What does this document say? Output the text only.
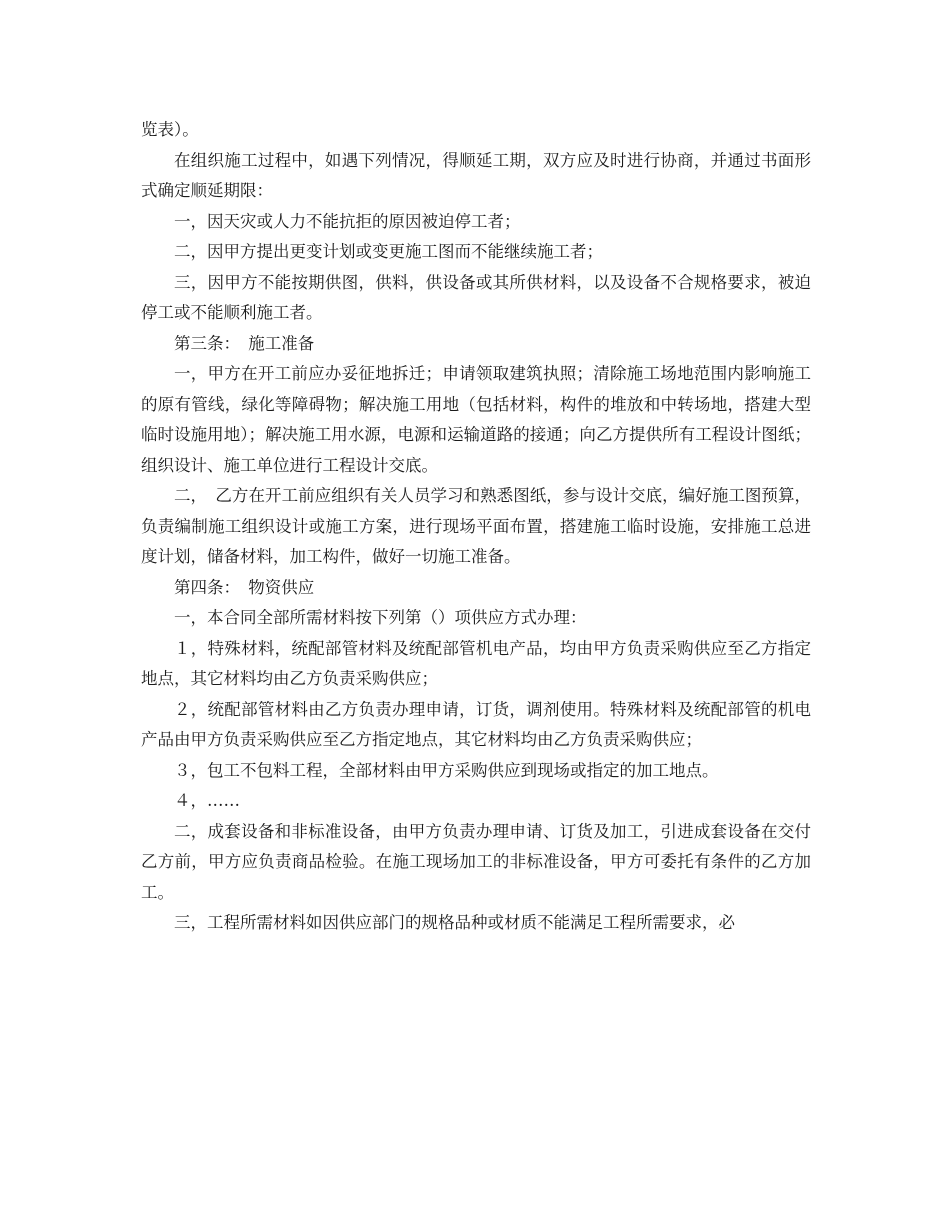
览表）。

在组织施工过程中，如遇下列情况，得顺延工期，双方应及时进行协商，并通过书面形式确定顺延期限：

一，因天灾或人力不能抗拒的原因被迫停工者；

二，因甲方提出更变计划或变更施工图而不能继续施工者；

三，因甲方不能按期供图，供料，供设备或其所供材料，以及设备不合规格要求，被迫停工或不能顺利施工者。

第三条：　施工准备

一，甲方在开工前应办妥征地拆迁；申请领取建筑执照；清除施工场地范围内影响施工的原有管线，绿化等障碍物；解决施工用地（包括材料，构件的堆放和中转场地，搭建大型临时设施用地）；解决施工用水源，电源和运输道路的接通；向乙方提供所有工程设计图纸；组织设计、施工单位进行工程设计交底。

二，　乙方在开工前应组织有关人员学习和熟悉图纸，参与设计交底，编好施工图预算，负责编制施工组织设计或施工方案，进行现场平面布置，搭建施工临时设施，安排施工总进度计划，储备材料，加工构件，做好一切施工准备。

第四条：　物资供应

一，本合同全部所需材料按下列第（）项供应方式办理：

１，特殊材料，统配部管材料及统配部管机电产品，均由甲方负责采购供应至乙方指定地点，其它材料均由乙方负责采购供应；

２，统配部管材料由乙方负责办理申请，订货，调剂使用。特殊材料及统配部管的机电产品由甲方负责采购供应至乙方指定地点，其它材料均由乙方负责采购供应；

３，包工不包料工程，全部材料由甲方采购供应到现场或指定的加工地点。

４，……

二，成套设备和非标准设备，由甲方负责办理申请、订货及加工，引进成套设备在交付乙方前，甲方应负责商品检验。在施工现场加工的非标准设备，甲方可委托有条件的乙方加工。

三，工程所需材料如因供应部门的规格品种或材质不能满足工程所需要求，必
